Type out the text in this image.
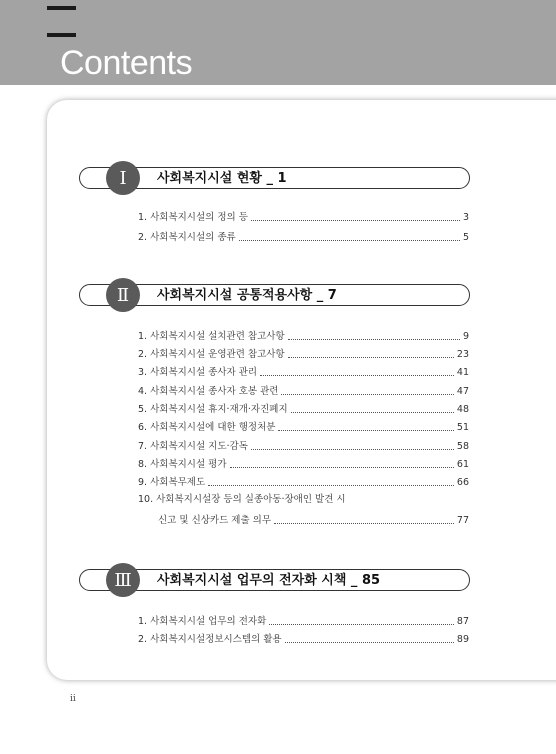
Contents
Ⅰ	사회복지시설 현황 _ 1
1. 사회복지시설의 정의 등	3
2. 사회복지시설의 종류	5
Ⅱ	사회복지시설 공통적용사항 _ 7
1. 사회복지시설 설치관련 참고사항	9
2. 사회복지시설 운영관련 참고사항	23
3. 사회복지시설 종사자 관리	41
4. 사회복지시설 종사자 호봉 관련	47
5. 사회복지시설 휴지·재개·자진폐지	48
6. 사회복지시설에 대한 행정처분	51
7. 사회복지시설 지도·감독	58
8. 사회복지시설 평가	61
9. 사회복무제도	66
10. 사회복지시설장 등의 실종아동·장애인 발견 시
신고 및 신상카드 제출 의무	77
Ⅲ	사회복지시설 업무의 전자화 시책 _ 85
1. 사회복지시설 업무의 전자화	87
2. 사회복지시설정보시스템의 활용	89
ii
